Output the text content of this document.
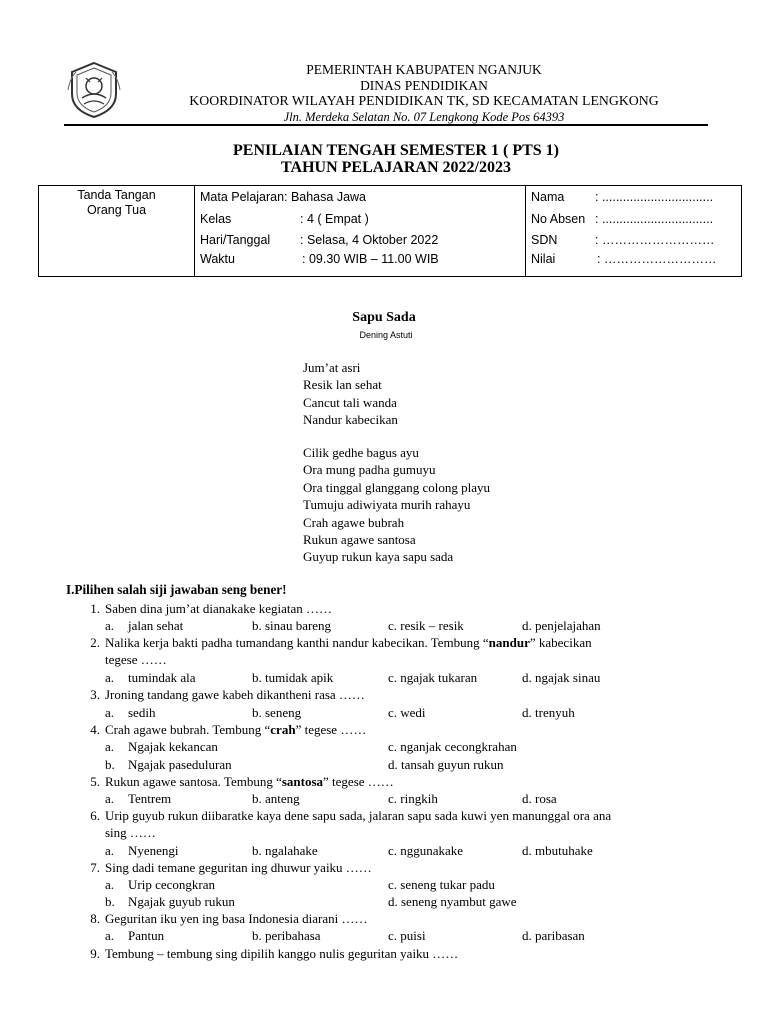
PEMERINTAH KABUPATEN NGANJUK
DINAS PENDIDIKAN
KOORDINATOR WILAYAH PENDIDIKAN TK, SD KECAMATAN LENGKONG
Jln. Merdeka Selatan No. 07 Lengkong Kode Pos 64393
PENILAIAN TENGAH SEMESTER 1 ( PTS 1)
TAHUN PELAJARAN 2022/2023
Tanda Tangan
Orang Tua
Mata Pelajaran : Bahasa Jawa
Kelas	: 4 ( Empat )
Hari/Tanggal : Selasa, 4 Oktober 2022
Waktu	: 09.30 WIB – 11.00 WIB
Nama : ................................
No Absen : ................................
SDN	: ………………………
Nilai	: ………………………
Sapu Sada
Dening Astuti
Jum’at asri
Resik lan sehat
Cancut tali wanda
Nandur kabecikan
Cilik gedhe bagus ayu
Ora mung padha gumuyu
Ora tinggal glanggang colong playu
Tumuju adiwiyata murih rahayu
Crah agawe bubrah
Rukun agawe santosa
Guyup rukun kaya sapu sada
I.Pilihen salah siji jawaban seng bener!
1. Saben dina jum’at dianakake kegiatan ……
a. jalan sehat	b. sinau bareng	c. resik – resik	d. penjelajahan
2. Nalika kerja bakti padha tumandang kanthi nandur kabecikan. Tembung “nandur” kabecikan
tegese ……
a. tumindak ala	b. tumidak apik	c. ngajak tukaran	d. ngajak sinau
3. Jroning tandang gawe kabeh dikantheni rasa ……
a. sedih	b. seneng	c. wedi	d. trenyuh
4. Crah agawe bubrah. Tembung “crah” tegese ……
a. Ngajak kekancan	c. nganjak cecongkrahan
b. Ngajak paseduluran	d. tansah guyun rukun
5. Rukun agawe santosa. Tembung “santosa” tegese ……
a. Tentrem	b. anteng	c. ringkih	d. rosa
6. Urip guyub rukun diibaratke kaya dene sapu sada, jalaran sapu sada kuwi yen manunggal ora ana
sing ……
a. Nyenengi	b. ngalahake	c. nggunakake	d. mbutuhake
7. Sing dadi temane geguritan ing dhuwur yaiku ……
a. Urip cecongkran	c. seneng tukar padu
b. Ngajak guyub rukun	d. seneng nyambut gawe
8. Geguritan iku yen ing basa Indonesia diarani ……
a. Pantun	b. peribahasa	c. puisi	d. paribasan
9. Tembung – tembung sing dipilih kanggo nulis geguritan yaiku ……
